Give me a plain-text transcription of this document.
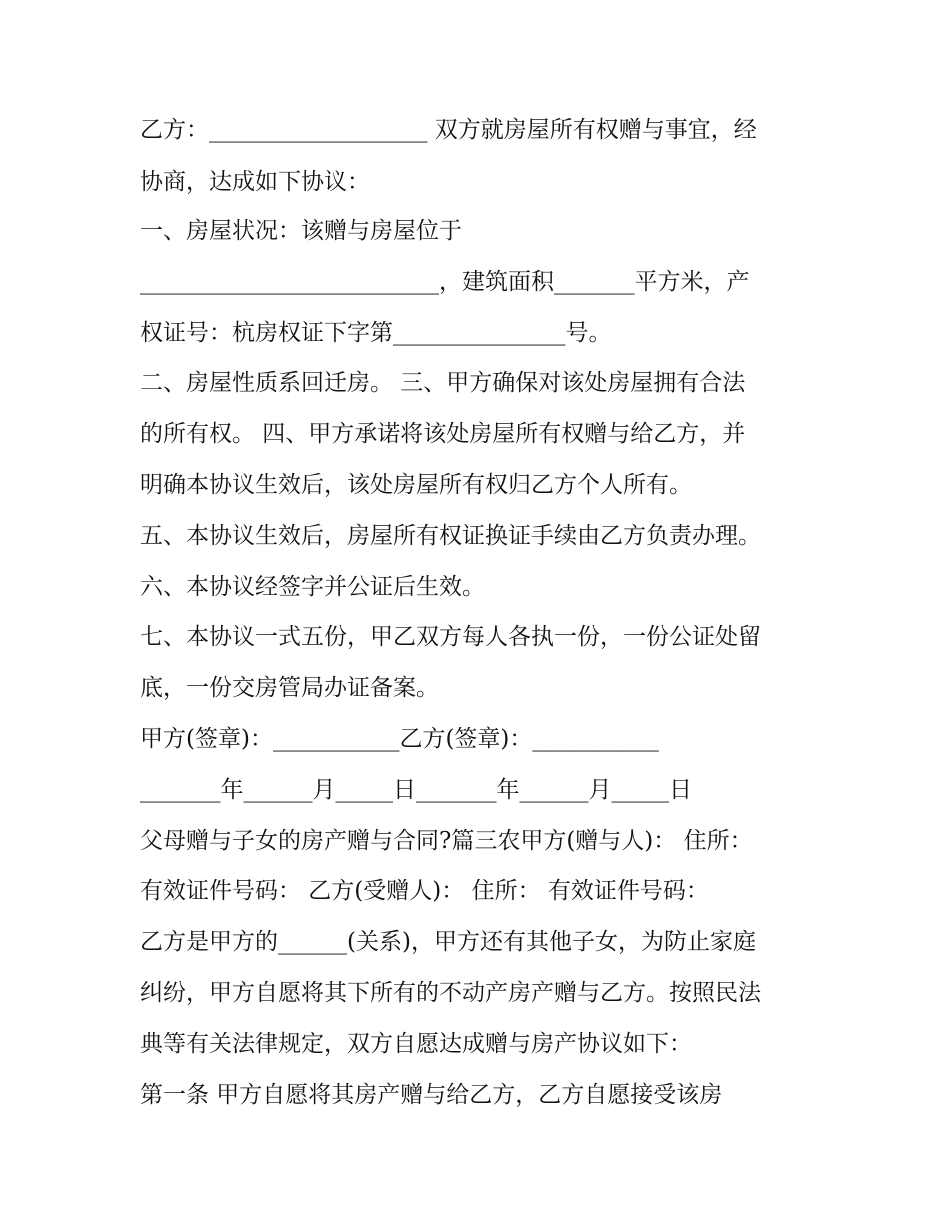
乙方：___________________ 双方就房屋所有权赠与事宜，经
协商，达成如下协议：
一、房屋状况：该赠与房屋位于
__________________________，建筑面积_______平方米，产
权证号：杭房权证下字第_______________号。
二、房屋性质系回迁房。 三、甲方确保对该处房屋拥有合法
的所有权。 四、甲方承诺将该处房屋所有权赠与给乙方，并
明确本协议生效后，该处房屋所有权归乙方个人所有。
五、本协议生效后，房屋所有权证换证手续由乙方负责办理。
六、本协议经签字并公证后生效。
七、本协议一式五份，甲乙双方每人各执一份，一份公证处留
底，一份交房管局办证备案。
甲方(签章)：___________乙方(签章)：___________
_______年______月_____日_______年______月_____日
父母赠与子女的房产赠与合同?篇三农甲方(赠与人)： 住所：
有效证件号码： 乙方(受赠人)： 住所： 有效证件号码：
乙方是甲方的______(关系)，甲方还有其他子女，为防止家庭
纠纷，甲方自愿将其下所有的不动产房产赠与乙方。按照民法
典等有关法律规定，双方自愿达成赠与房产协议如下：
第一条 甲方自愿将其房产赠与给乙方，乙方自愿接受该房
